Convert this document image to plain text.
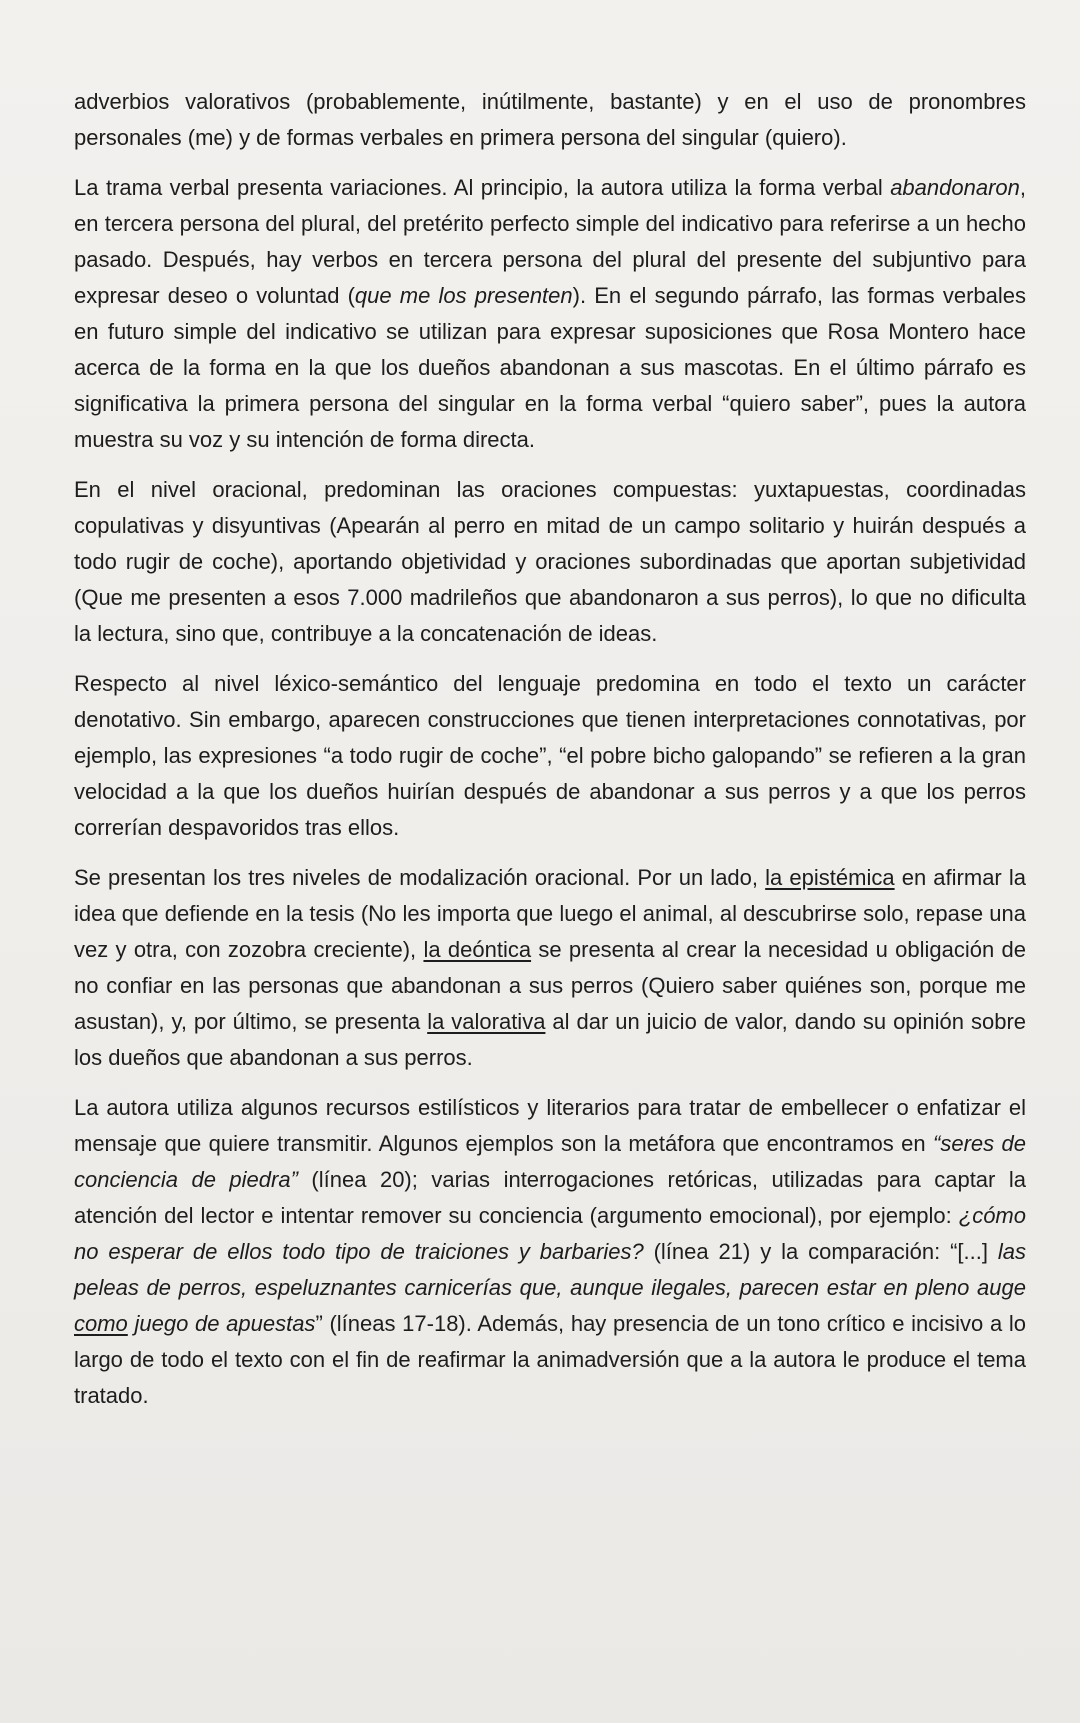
adverbios valorativos (probablemente, inútilmente, bastante) y en el uso de pronombres personales (me) y de formas verbales en primera persona del singular (quiero).

La trama verbal presenta variaciones. Al principio, la autora utiliza la forma verbal abandonaron, en tercera persona del plural, del pretérito perfecto simple del indicativo para referirse a un hecho pasado. Después, hay verbos en tercera persona del plural del presente del subjuntivo para expresar deseo o voluntad (que me los presenten). En el segundo párrafo, las formas verbales en futuro simple del indicativo se utilizan para expresar suposiciones que Rosa Montero hace acerca de la forma en la que los dueños abandonan a sus mascotas. En el último párrafo es significativa la primera persona del singular en la forma verbal “quiero saber”, pues la autora muestra su voz y su intención de forma directa.

En el nivel oracional, predominan las oraciones compuestas: yuxtapuestas, coordinadas copulativas y disyuntivas (Apearán al perro en mitad de un campo solitario y huirán después a todo rugir de coche), aportando objetividad y oraciones subordinadas que aportan subjetividad (Que me presenten a esos 7.000 madrileños que abandonaron a sus perros), lo que no dificulta la lectura, sino que, contribuye a la concatenación de ideas.

Respecto al nivel léxico-semántico del lenguaje predomina en todo el texto un carácter denotativo. Sin embargo, aparecen construcciones que tienen interpretaciones connotativas, por ejemplo, las expresiones “a todo rugir de coche”, “el pobre bicho galopando” se refieren a la gran velocidad a la que los dueños huirían después de abandonar a sus perros y a que los perros correrían despavoridos tras ellos.

Se presentan los tres niveles de modalización oracional. Por un lado, la epistémica en afirmar la idea que defiende en la tesis (No les importa que luego el animal, al descubrirse solo, repase una vez y otra, con zozobra creciente), la deóntica se presenta al crear la necesidad u obligación de no confiar en las personas que abandonan a sus perros (Quiero saber quiénes son, porque me asustan), y, por último, se presenta la valorativa al dar un juicio de valor, dando su opinión sobre los dueños que abandonan a sus perros.

La autora utiliza algunos recursos estilísticos y literarios para tratar de embellecer o enfatizar el mensaje que quiere transmitir. Algunos ejemplos son la metáfora que encontramos en “seres de conciencia de piedra” (línea 20); varias interrogaciones retóricas, utilizadas para captar la atención del lector e intentar remover su conciencia (argumento emocional), por ejemplo: ¿cómo no esperar de ellos todo tipo de traiciones y barbaries? (línea 21) y la comparación: “[...] las peleas de perros, espeluznantes carnicerías que, aunque ilegales, parecen estar en pleno auge como juego de apuestas” (líneas 17-18). Además, hay presencia de un tono crítico e incisivo a lo largo de todo el texto con el fin de reafirmar la animadversión que a la autora le produce el tema tratado.
